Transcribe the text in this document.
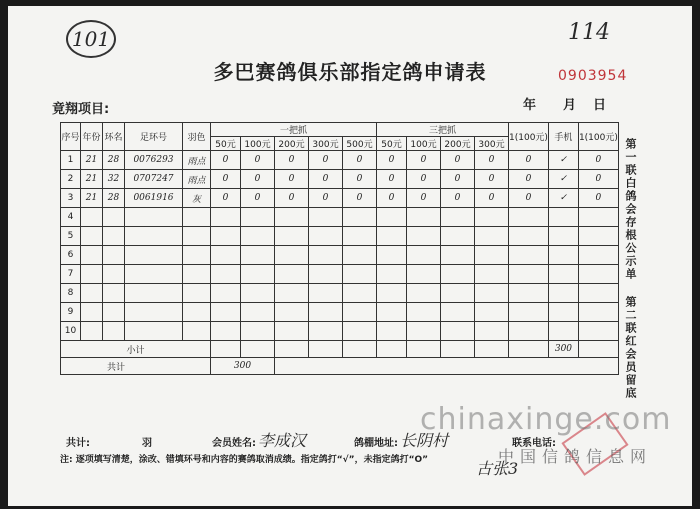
101	114
多巴赛鸽俱乐部指定鸽申请表	0903954
竟翔项目:	年 月 日
序号	年份	环名	足环号	羽色	一把抓					三把抓				1(100元)	手机	1(100元)
					50元	100元	200元	300元	500元	50元	100元	200元	300元			
1	21	28	0076293	雨点	0	0	0	0	0	0	0	0	0	0	✓	0
2	21	32	0707247	雨点	0	0	0	0	0	0	0	0	0	0	✓	0
3	21	28	0061916	灰	0	0	0	0	0	0	0	0	0	0	✓	0
4																
5																
6																
7																
8																
9																
10																
小计															300	
共计					300											
第一联白鸽会存根公示单
第二联红会员留底
共计:	羽	会员姓名: 李成汉	鸽棚地址: 长阴村	联系电话:
注: 逐项填写清楚，涂改、错填环号和内容的赛鸽取消成绩。指定鸽打“√”，未指定鸽打“O”	古张3
chinaxinge.com
中国信鸽信息网
